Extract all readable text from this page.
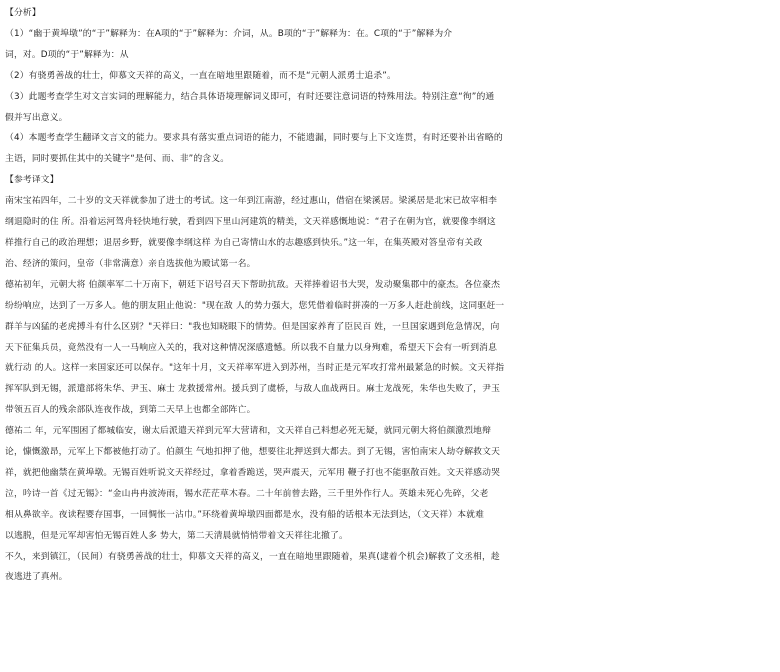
【分析】
（1）“幽于黄埠墩”的“于”解释为：在A项的“于”解释为：介词，从。B项的“于”解释为：在。C项的“于”解释为介
词，对。D项的“于”解释为：从
（2）有骁勇善战的壮士，仰慕文天祥的高义，一直在暗地里跟随着，而不是“元朝人派勇士追杀”。
（3）此题考查学生对文言实词的理解能力，结合具体语境理解词义即可，有时还要注意词语的特殊用法。特别注意“徇”的通
假并写出意义。
（4）本题考查学生翻译文言文的能力。要求具有落实重点词语的能力，不能遗漏，同时要与上下文连贯，有时还要补出省略的
主语，同时要抓住其中的关键字“是何、而、非”的含义。
【参考译文】
南宋宝祐四年，二十岁的文天祥就参加了进士的考试。这一年到江南游，经过惠山，借宿在梁溪居。梁溪居是北宋已故宰相李
纲退隐时的住 所。沿着运河驾舟轻快地行驶，看到四下里山河建筑的精美，文天祥感慨地说：“君子在朝为官，就要像李纲这
样推行自己的政治理想；退居乡野，就要像李纲这样 为自己寄情山水的志趣感到快乐。”这一年，在集英殿对答皇帝有关政
治、经济的策问，皇帝（非常满意）亲自选拔他为殿试第一名。
德祐初年，元朝大将 伯颜率军二十万南下，朝廷下诏号召天下帮助抗敌。天祥捧着诏书大哭，发动聚集郡中的豪杰。各位豪杰
纷纷响应，达到了一万多人。他的朋友阻止他说："现在敌 人的势力强大，您凭借着临时拼凑的一万多人赶赴前线，这同驱赶一
群羊与凶猛的老虎搏斗有什么区别？"天祥曰："我也知晓眼下的情势。但是国家养育了臣民百 姓，一旦国家遇到危急情况，向
天下征集兵员，竟然没有一人一马响应入关的，我对这种情况深感遗憾。所以我不自量力以身殉难，希望天下会有一听到消息
就行动 的人。这样一来国家还可以保存。"这年十月，文天祥率军进入到苏州，当时正是元军攻打常州最紧急的时候。文天祥指
挥军队到无锡，派遣部将朱华、尹玉、麻士 龙救援常州。援兵到了虞桥，与敌人血战两日。麻士龙战死，朱华也失败了，尹玉
带领五百人的残余部队连夜作战，到第二天早上也都全部阵亡。
德祐二 年，元军围困了都城临安，谢太后派遣天祥到元军大营请和，文天祥自己料想必死无疑，就同元朝大将伯颜激烈地辩
论，慷慨激昂，元军上下都被他打动了。伯颜生 气地扣押了他，想要往北押送到大都去。到了无锡，害怕南宋人劫夺解救文天
祥，就把他幽禁在黄埠墩。无锡百姓听说文天祥经过，拿着香跪送，哭声震天，元军用 鞭子打也不能驱散百姓。文天祥感动哭
泣，吟诗一首《过无锡》：“金山冉冉波涛雨，锡水茫茫草木春。二十年前曾去路，三千里外作行人。英雄未死心先碎，父老
相从鼻欲辛。夜读程婴存国事，一回惆怅一沾巾。”环绕着黄埠墩四面都是水，没有船的话根本无法到达，（文天祥）本就难
以逃脱，但是元军却害怕无锡百姓人多 势大，第二天清晨就悄悄带着文天祥往北撤了。
不久，来到镇江，（民间）有骁勇善战的壮士，仰慕文天祥的高义，一直在暗地里跟随着，果真(逮着个机会)解救了文丞相，趁
夜逃进了真州。
